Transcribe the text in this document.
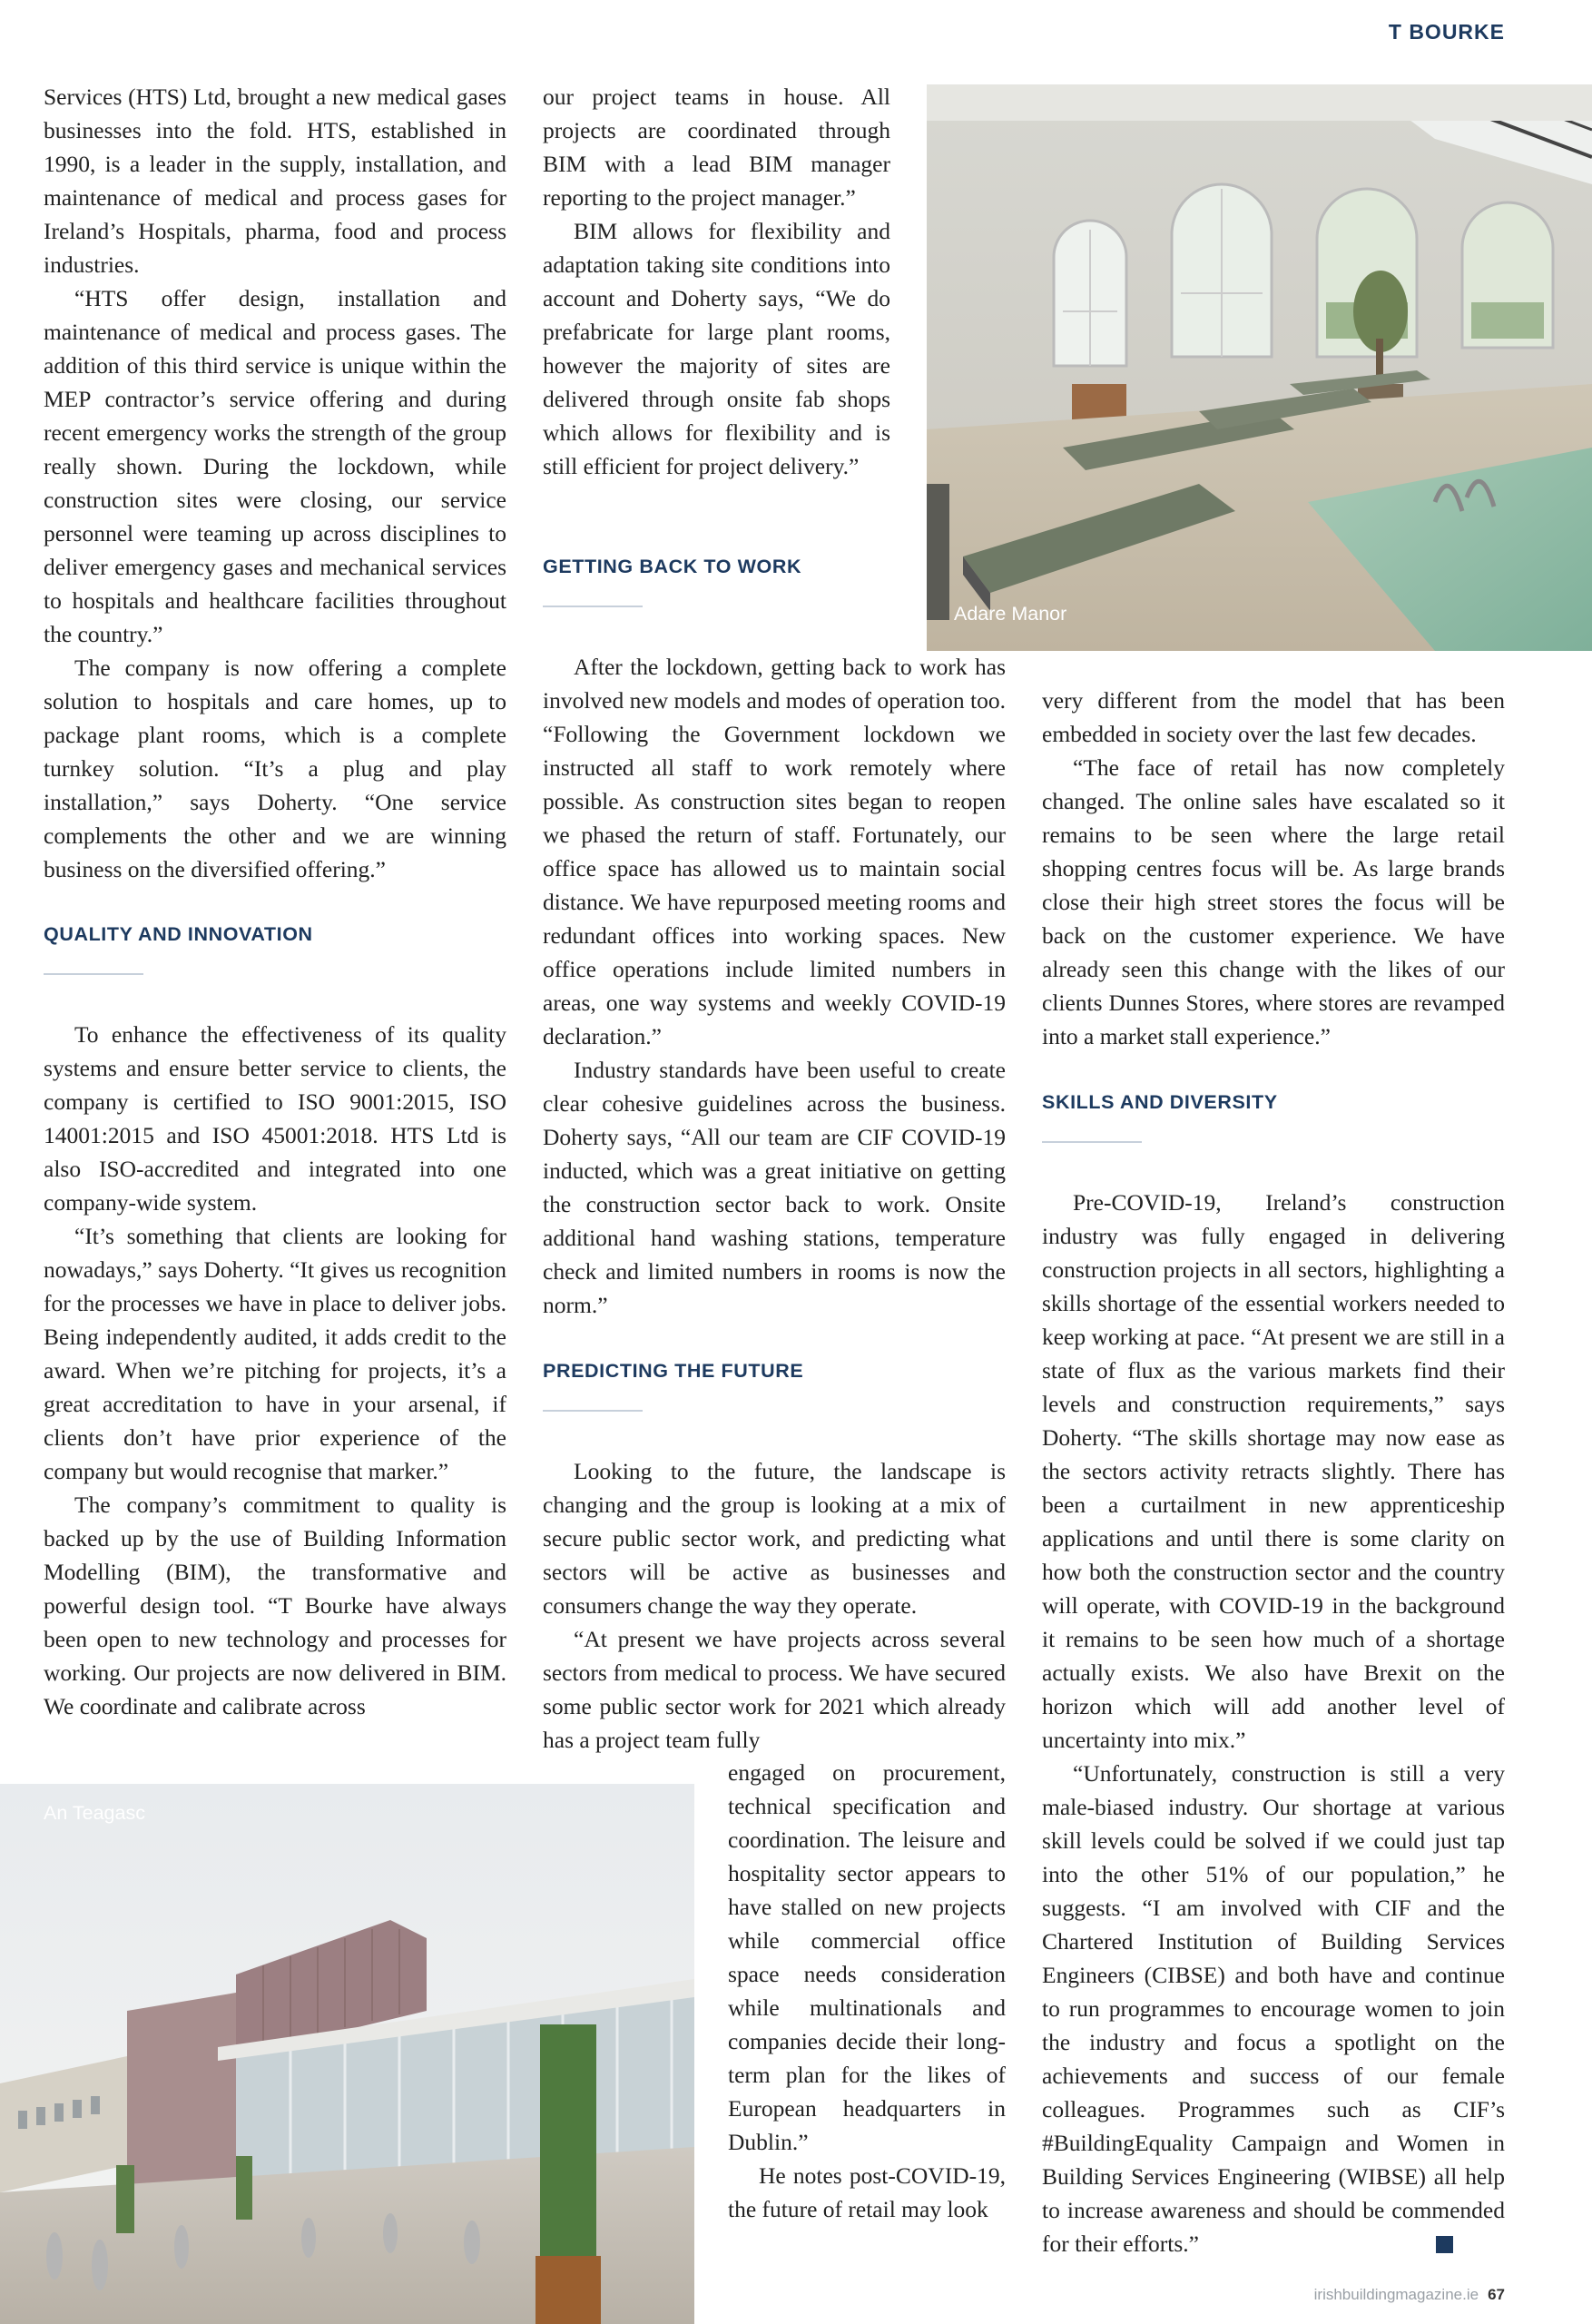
T BOURKE

Services (HTS) Ltd, brought a new medical gases businesses into the fold. HTS, established in 1990, is a leader in the supply, installation, and maintenance of medical and process gases for Ireland’s Hospitals, pharma, food and process industries.

“HTS offer design, installation and maintenance of medical and process gases. The addition of this third service is unique within the MEP contractor’s service offering and during recent emergency works the strength of the group really shown. During the lockdown, while construction sites were closing, our service personnel were teaming up across disciplines to deliver emergency gases and mechanical services to hospitals and healthcare facilities throughout the country.”

The company is now offering a complete solution to hospitals and care homes, up to package plant rooms, which is a complete turnkey solution. “It’s a plug and play installation,” says Doherty. “One service complements the other and we are winning business on the diversified offering.”

QUALITY AND INNOVATION

To enhance the effectiveness of its quality systems and ensure better service to clients, the company is certified to ISO 9001:2015, ISO 14001:2015 and ISO 45001:2018. HTS Ltd is also ISO-accredited and integrated into one company-wide system.

“It’s something that clients are looking for nowadays,” says Doherty. “It gives us recognition for the processes we have in place to deliver jobs. Being independently audited, it adds credit to the award. When we’re pitching for projects, it’s a great accreditation to have in your arsenal, if clients don’t have prior experience of the company but would recognise that marker.”

The company’s commitment to quality is backed up by the use of Building Information Modelling (BIM), the transformative and powerful design tool. “T Bourke have always been open to new technology and processes for working. Our projects are now delivered in BIM. We coordinate and calibrate across

our project teams in house. All projects are coordinated through BIM with a lead BIM manager reporting to the project manager.”

BIM allows for flexibility and adaptation taking site conditions into account and Doherty says, “We do prefabricate for large plant rooms, however the majority of sites are delivered through onsite fab shops which allows for flexibility and is still efficient for project delivery.”

GETTING BACK TO WORK

After the lockdown, getting back to work has involved new models and modes of operation too. “Following the Government lockdown we instructed all staff to work remotely where possible. As construction sites began to reopen we phased the return of staff. Fortunately, our office space has allowed us to maintain social distance. We have repurposed meeting rooms and redundant offices into working spaces. New office operations include limited numbers in areas, one way systems and weekly COVID-19 declaration.”

Industry standards have been useful to create clear cohesive guidelines across the business. Doherty says, “All our team are CIF COVID-19 inducted, which was a great initiative on getting the construction sector back to work. Onsite additional hand washing stations, temperature check and limited numbers in rooms is now the norm.”

PREDICTING THE FUTURE

Looking to the future, the landscape is changing and the group is looking at a mix of secure public sector work, and predicting what sectors will be active as businesses and consumers change the way they operate.

“At present we have projects across several sectors from medical to process. We have secured some public sector work for 2021 which already has a project team fully

engaged on procurement, technical specification and coordination. The leisure and hospitality sector appears to have stalled on new projects while commercial office space needs consideration while multinationals and companies decide their long-term plan for the likes of European headquarters in Dublin.”

He notes post-COVID-19, the future of retail may look

very different from the model that has been embedded in society over the last few decades.

“The face of retail has now completely changed. The online sales have escalated so it remains to be seen where the large retail shopping centres focus will be. As large brands close their high street stores the focus will be back on the customer experience. We have already seen this change with the likes of our clients Dunnes Stores, where stores are revamped into a market stall experience.”

SKILLS AND DIVERSITY

Pre-COVID-19, Ireland’s construction industry was fully engaged in delivering construction projects in all sectors, highlighting a skills shortage of the essential workers needed to keep working at pace. “At present we are still in a state of flux as the various markets find their levels and construction requirements,” says Doherty. “The skills shortage may now ease as the sectors activity retracts slightly. There has been a curtailment in new apprenticeship applications and until there is some clarity on how both the construction sector and the country will operate, with COVID-19 in the background it remains to be seen how much of a shortage actually exists. We also have Brexit on the horizon which will add another level of uncertainty into mix.”

“Unfortunately, construction is still a very male-biased industry. Our shortage at various skill levels could be solved if we could just tap into the other 51% of our population,” he suggests. “I am involved with CIF and the Chartered Institution of Building Services Engineers (CIBSE) and both have and continue to run programmes to encourage women to join the industry and focus a spotlight on the achievements and success of our female colleagues. Programmes such as CIF’s #BuildingEquality Campaign and Women in Building Services Engineering (WIBSE) all help to increase awareness and should be commended for their efforts.”

Adare Manor
An Teagasc
irishbuildingmagazine.ie 67
